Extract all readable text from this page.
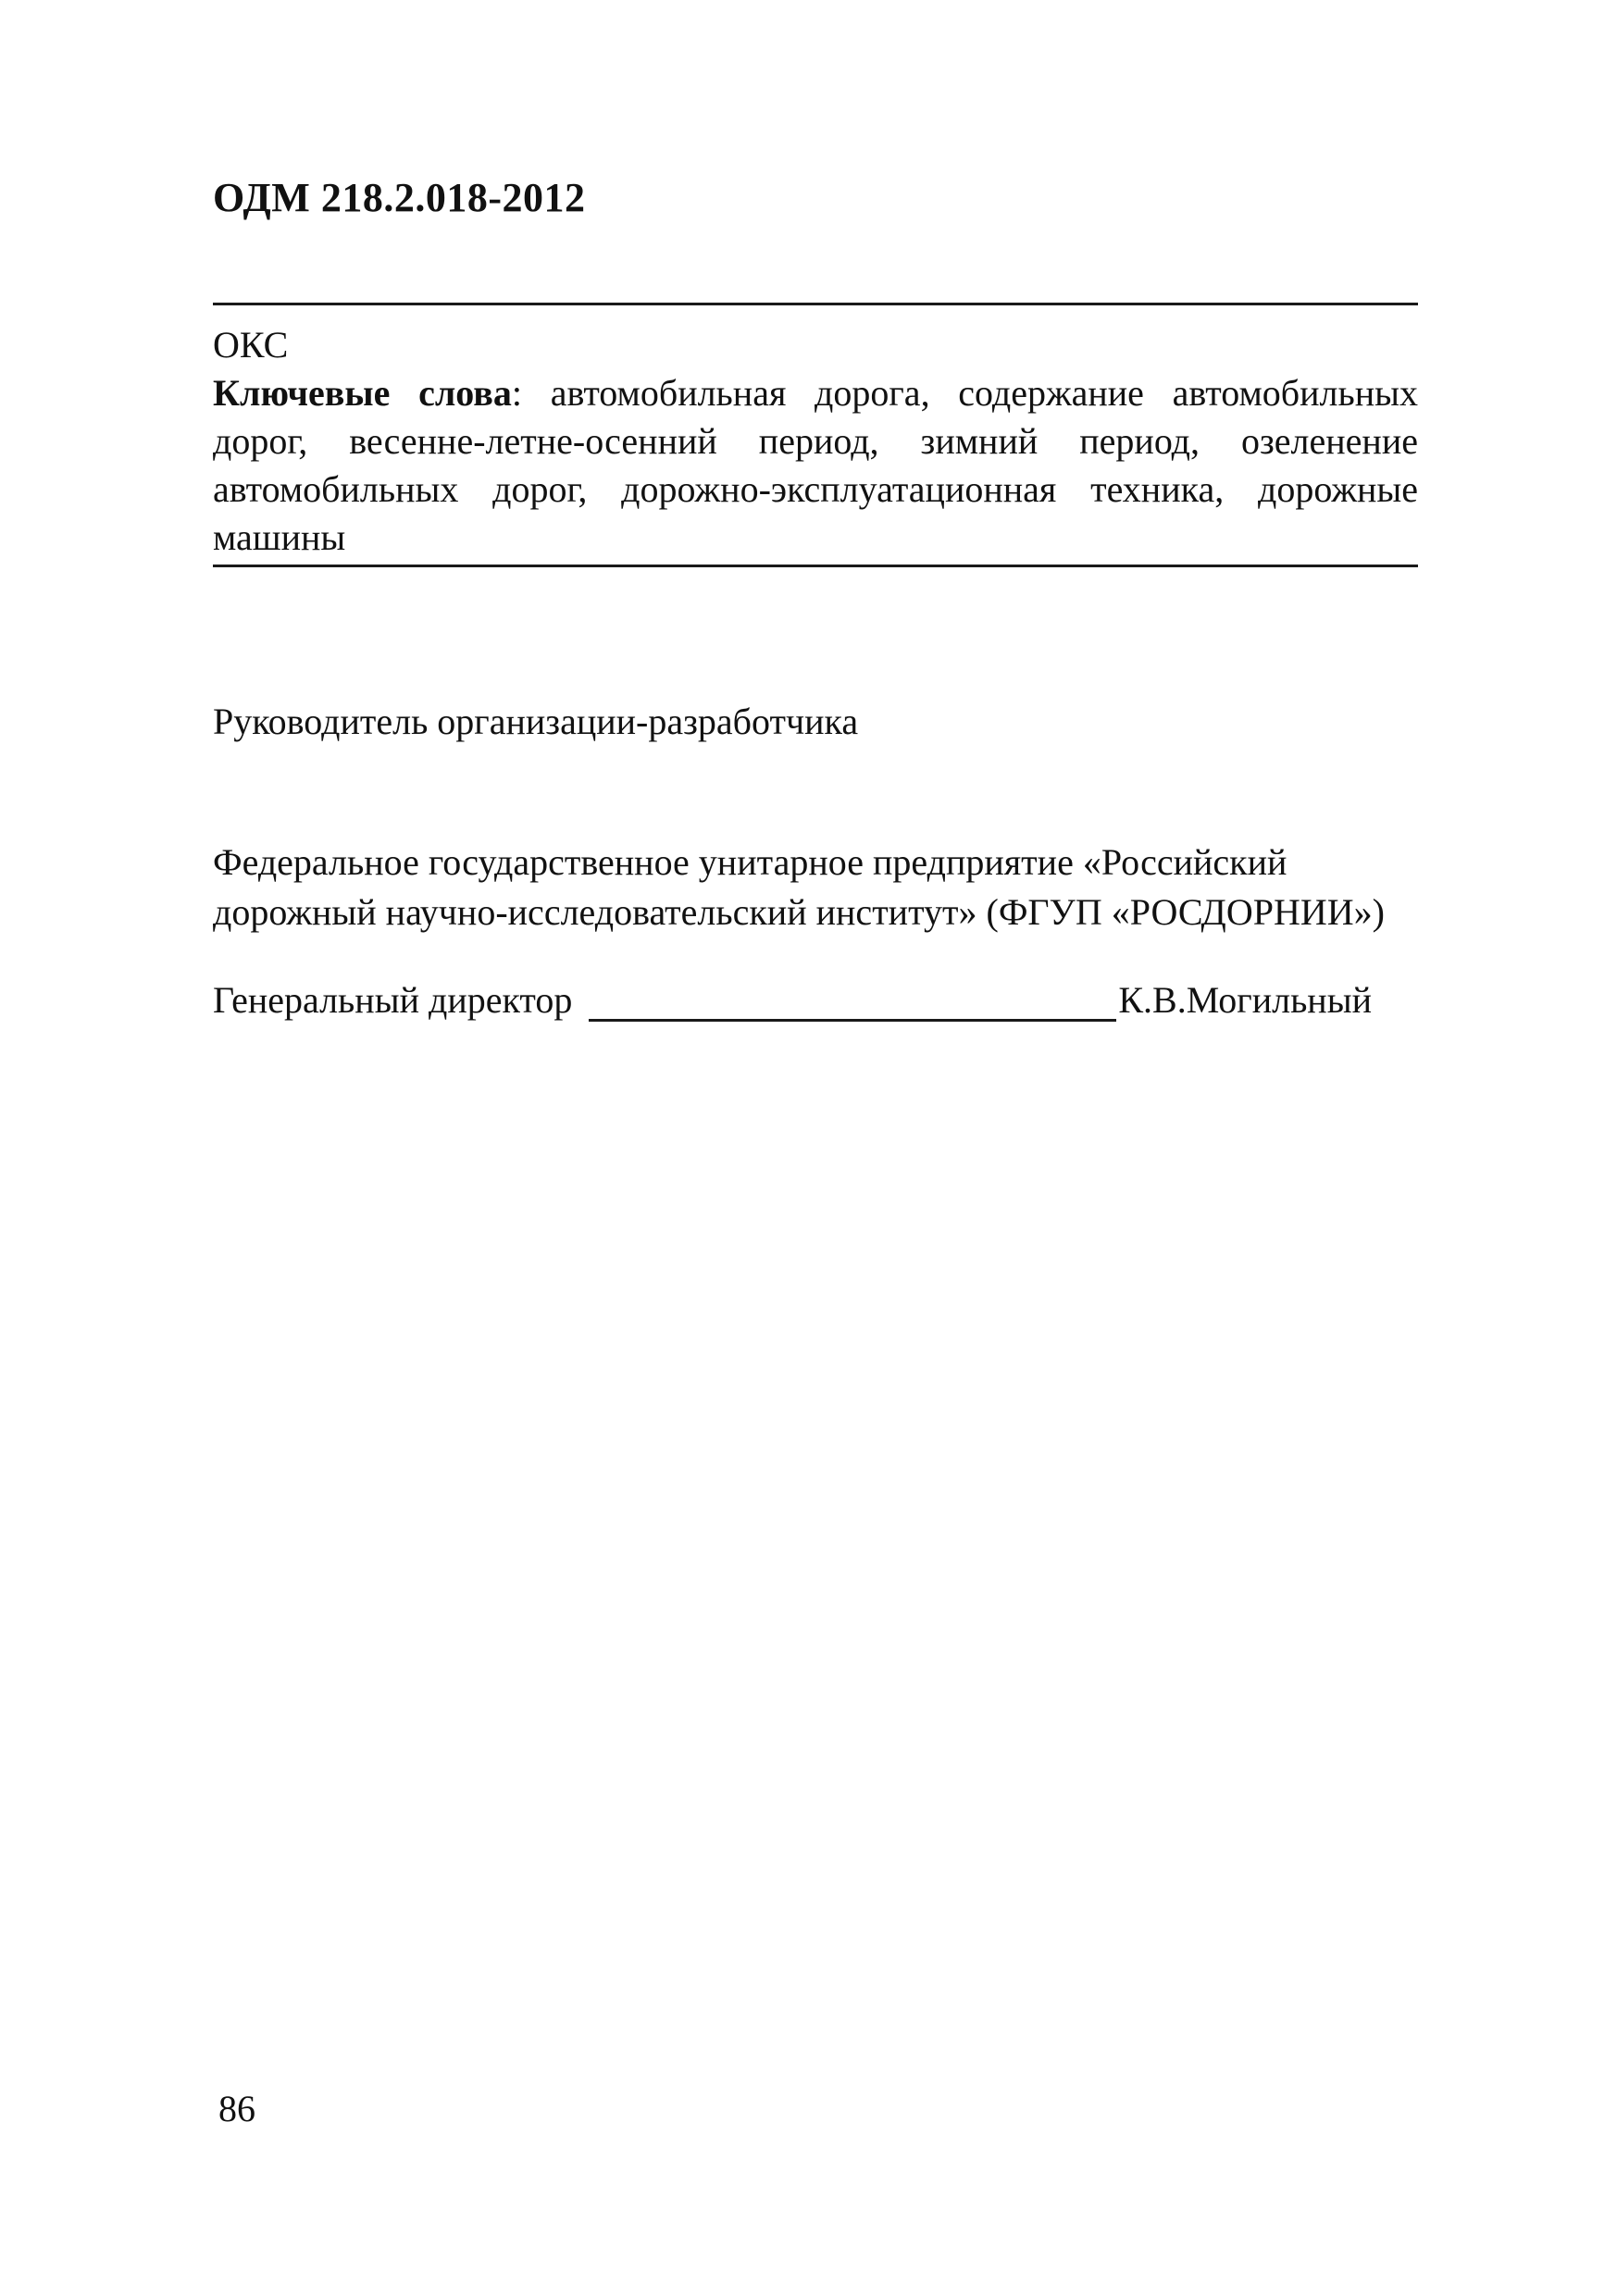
ОДМ 218.2.018-2012
ОКС

Ключевые слова: автомобильная дорога, содержание автомобильных дорог, весенне-летне-осенний период, зимний период, озеленение автомобильных дорог, дорожно-эксплуатационная техника, дорожные машины

Руководитель организации-разработчика

Федеральное государственное унитарное предприятие «Российский дорожный научно-исследовательский институт» (ФГУП «РОСДОРНИИ»)

Генеральный директор	К.В.Могильный
86
